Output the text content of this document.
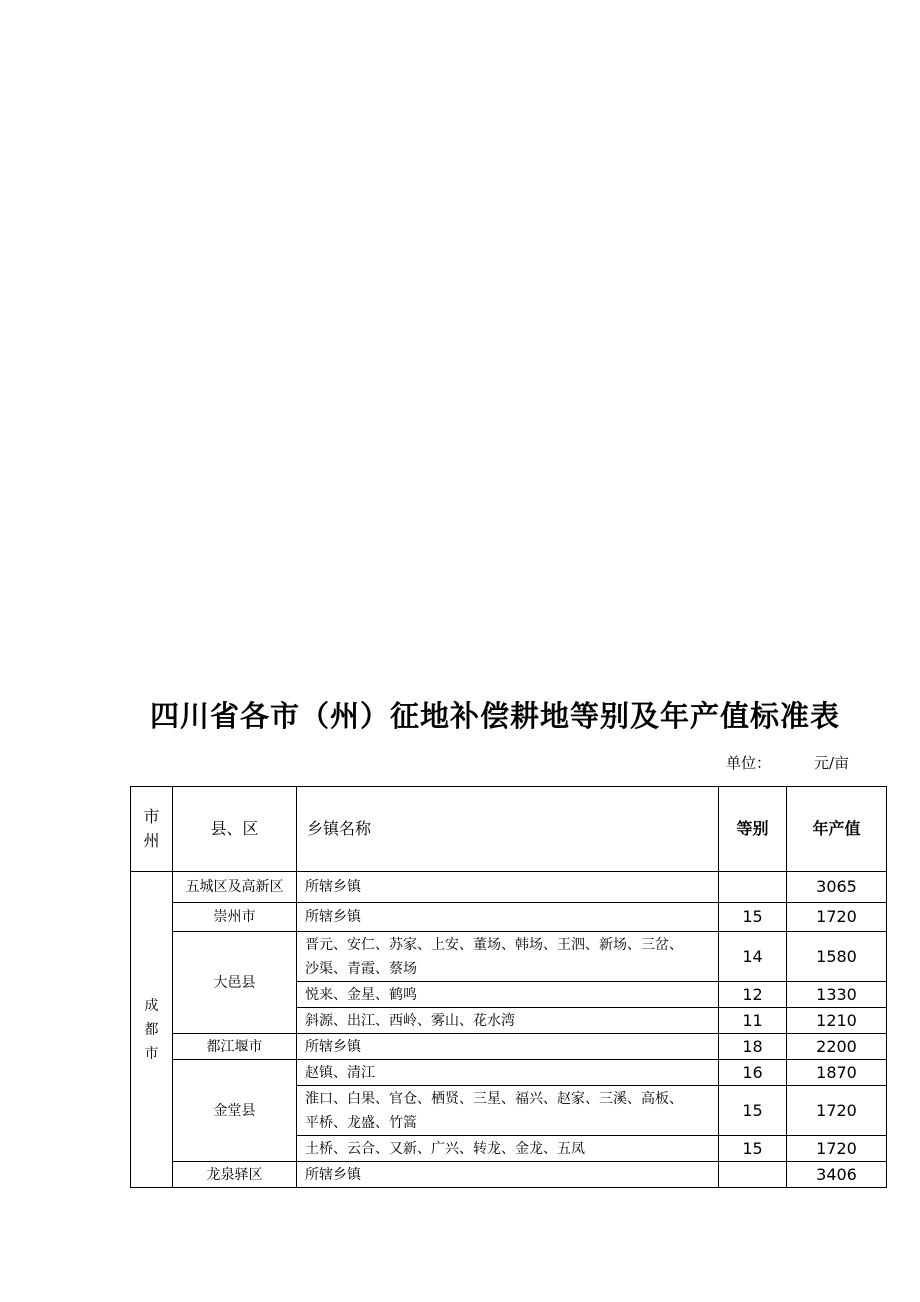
四川省各市（州）征地补偿耕地等别及年产值标准表
单位：	元/亩
市
州	县、区	乡镇名称	等别	年产值

成
都
市	五城区及高新区	所辖乡镇		3065
	崇州市	所辖乡镇	15	1720
	大邑县	晋元、安仁、苏家、上安、董场、韩场、王泗、新场、三岔、
沙渠、青霞、蔡场	14	1580
		悦来、金星、鹤鸣	12	1330
		斜源、出江、西岭、雾山、花水湾	11	1210
	都江堰市	所辖乡镇	18	2200
	金堂县	赵镇、清江	16	1870

		淮口、白果、官仓、栖贤、三星、福兴、赵家、三溪、高板、
平桥、龙盛、竹篙	15	1720
		土桥、云合、又新、广兴、转龙、金龙、五凤	15	1720
	龙泉驿区	所辖乡镇		3406
